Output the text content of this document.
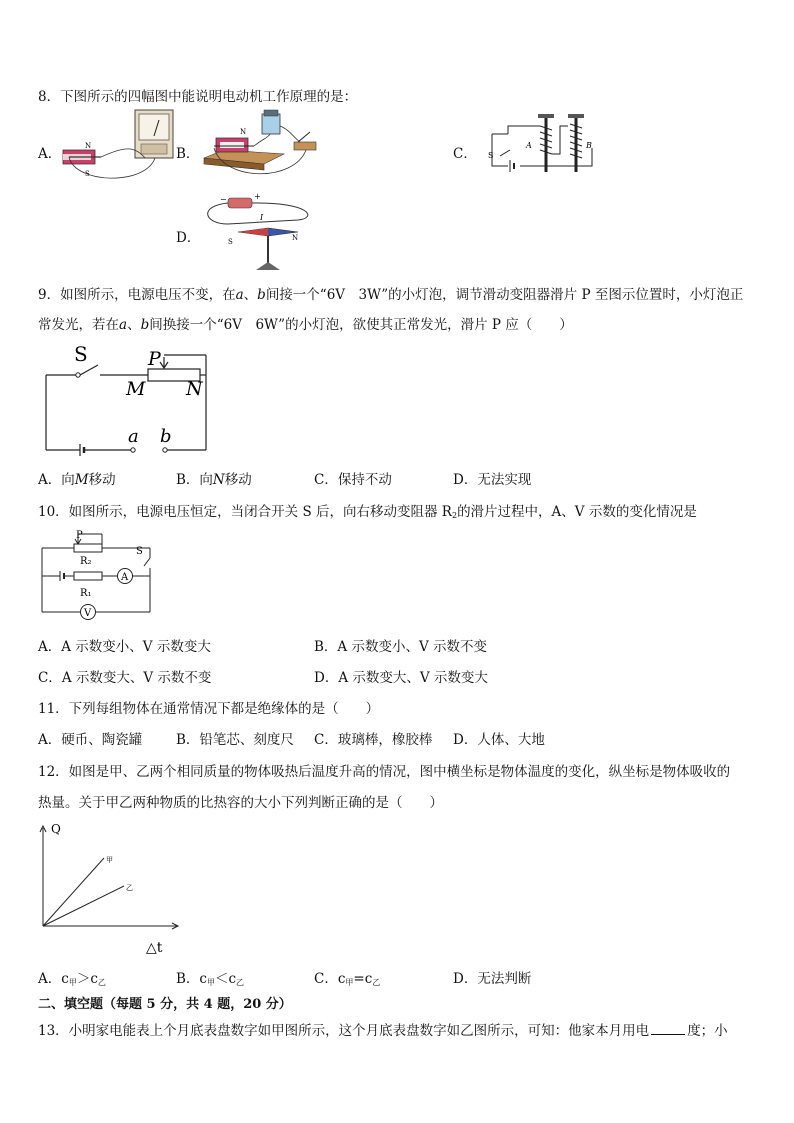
8．下图所示的四幅图中能说明电动机工作原理的是：
A．	N
S
B．
N
C． S
A	B
D．
−	+
I
S	N
9．如图所示，电源电压不变，在a、b间接一个“6V　3W”的小灯泡，调节滑动变阻器滑片 P 至图示位置时，小灯泡正
常发光，若在a、b间换接一个“6V　6W”的小灯泡，欲使其正常发光，滑片 P 应（　　）
S	P
M N
a b
A．向M移动	B．向N移动	C．保持不动	D．无法实现
10．如图所示，电源电压恒定，当闭合开关 S 后，向右移动变阻器 $R_2$的滑片过程中，A、V 示数的变化情况是
V
R₁
A
R₂
P
S
A．A 示数变小、V 示数变大	B．A 示数变小、V 示数不变
C．A 示数变大、V 示数不变	D．A 示数变大、V 示数变大
11．下列每组物体在通常情况下都是绝缘体的是（　　）
A．硬币、陶瓷罐	B．铅笔芯、刻度尺 C．玻璃棒，橡胶棒 D．人体、大地
12．如图是甲、乙两个相同质量的物体吸热后温度升高的情况，图中横坐标是物体温度的变化，纵坐标是物体吸收的
热量。关于甲乙两种物质的比热容的大小下列判断正确的是（　　）
Q
△t
甲
乙
A．$c_甲>c_乙$	B．$c_甲<c_乙$	C．$c_甲=c_乙$	D．无法判断
二、填空题（每题 5 分，共 4 题，20 分）
13．小明家电能表上个月底表盘数字如甲图所示，这个月底表盘数字如乙图所示，可知：他家本月用电	度；小
